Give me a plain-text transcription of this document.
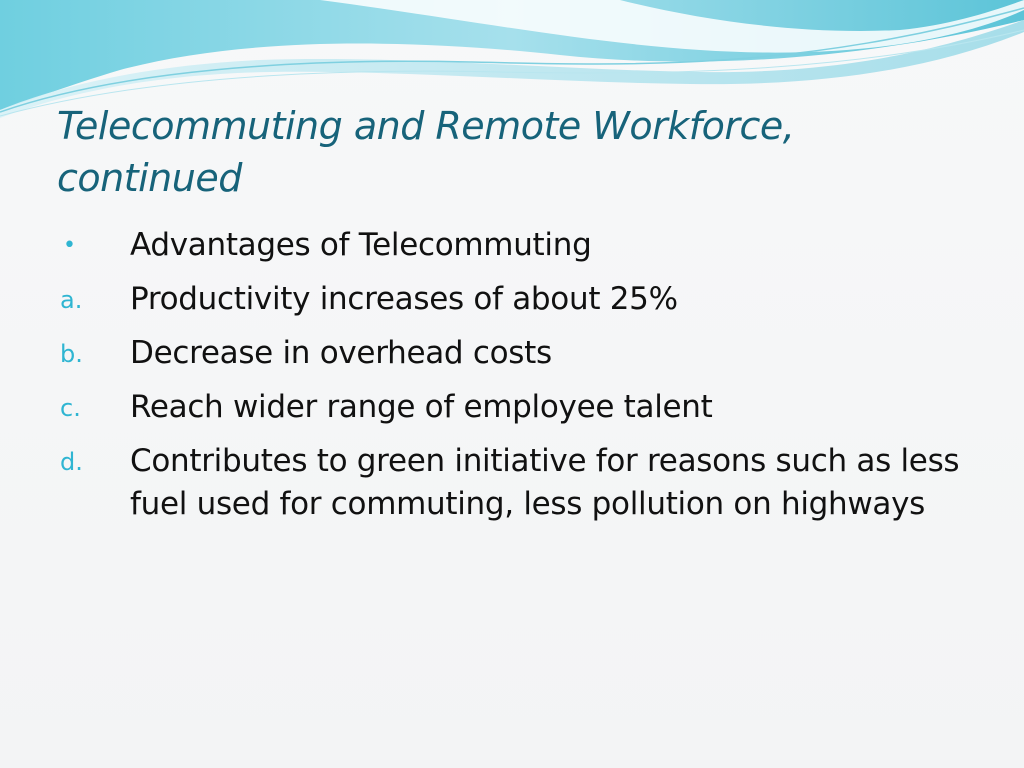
Telecommuting and Remote Workforce,
continued
•	Advantages of Telecommuting
a.	Productivity increases of about 25%
b.	Decrease in overhead costs
c.	Reach wider range of employee talent
d.	Contributes to green initiative for reasons such as less fuel used for commuting, less pollution on highways
